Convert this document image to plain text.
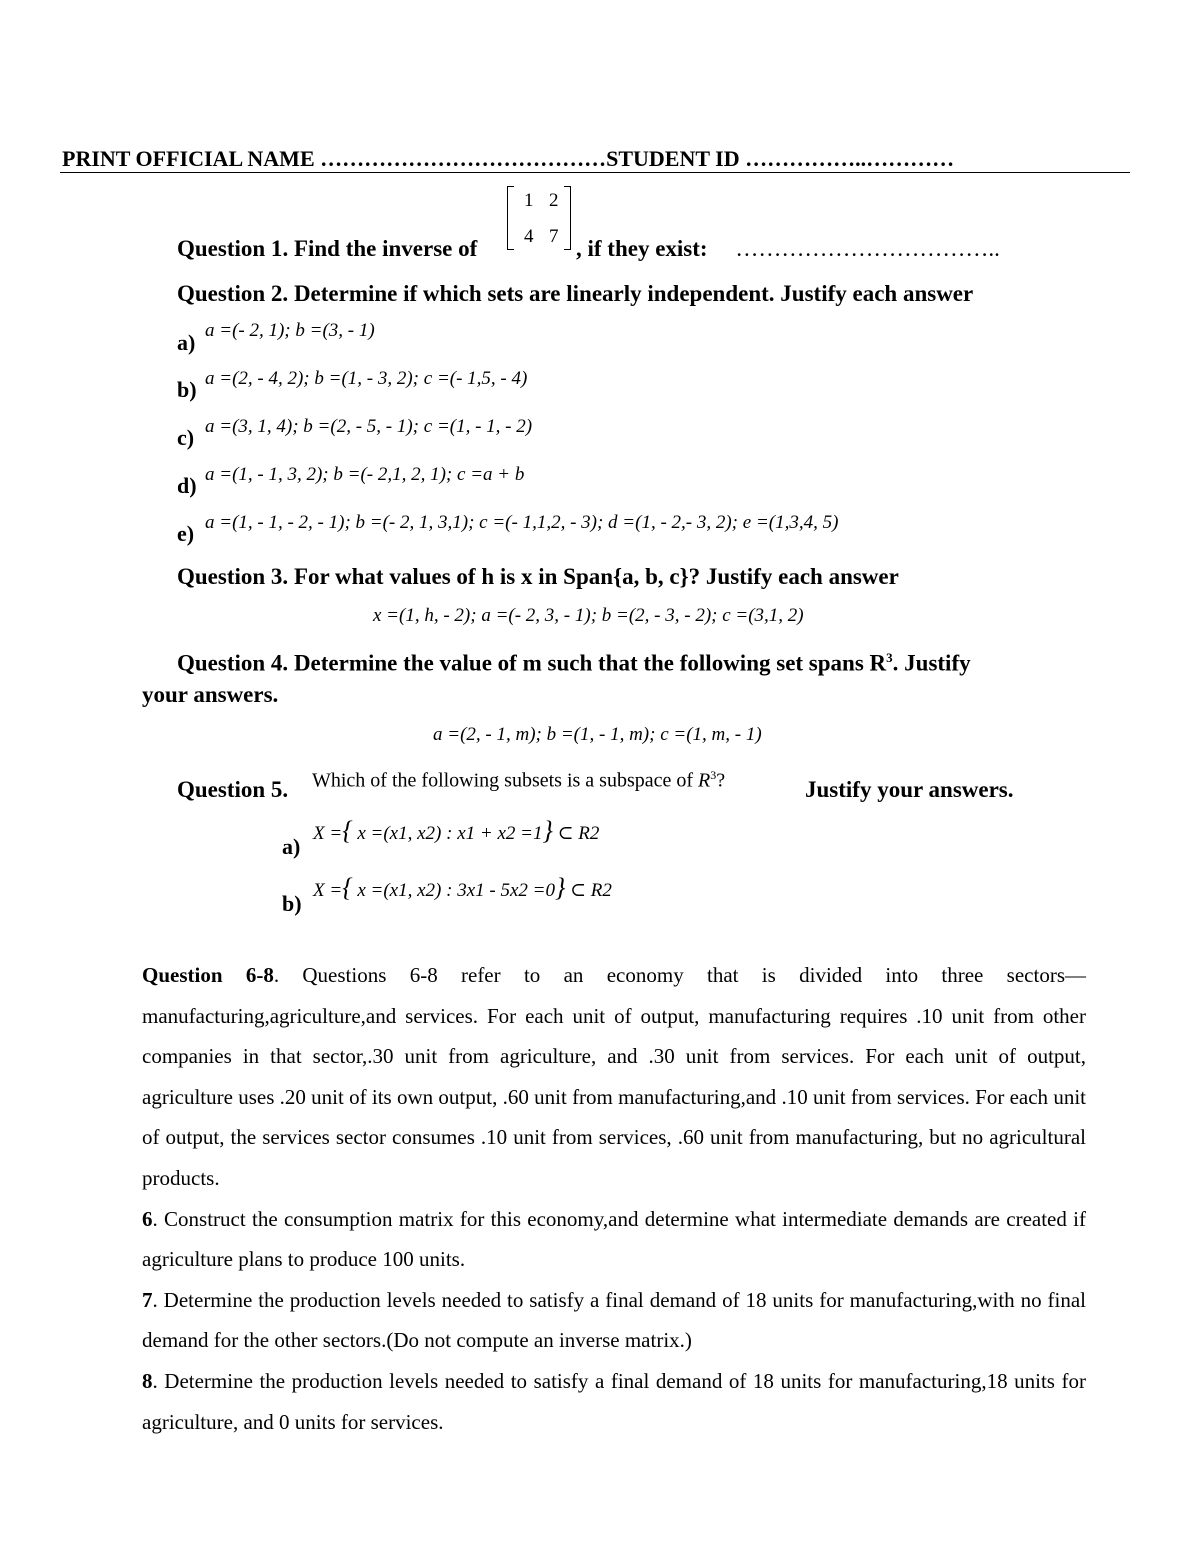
PRINT OFFICIAL NAME …………………………………STUDENT ID ……………..…………
Question 1. Find the inverse of
1 2
4 7 , if they exist: ……………………………..
Question 2. Determine if which sets are linearly independent. Justify each answer
a) a =(- 2, 1); b =(3, - 1)
b) a =(2, - 4, 2); b =(1, - 3, 2); c =(- 1,5, - 4)
c) a =(3, 1, 4); b =(2, - 5, - 1); c =(1, - 1, - 2)
d) a =(1, - 1, 3, 2); b =(- 2,1, 2, 1); c =a + b
e) a =(1, - 1, - 2, - 1); b =(- 2, 1, 3,1); c =(- 1,1,2, - 3); d =(1, - 2,- 3, 2); e =(1,3,4, 5)
Question 3. For what values of h is x in Span{a, b, c}? Justify each answer
x =(1, h, - 2); a =(- 2, 3, - 1); b =(2, - 3, - 2); c =(3,1, 2)
Question 4. Determine the value of m such that the following set spans $R^3$. Justify
your answers.
a =(2, - 1, m); b =(1, - 1, m); c =(1, m, - 1)
Question 5. Which of the following subsets is a subspace of $R^3$?	Justify your answers.
a)
X ={ x =(x1, x2) : x1 + x2 =1} ⊂ R2
b)
X ={ x =(x1, x2) : 3x1 - 5x2 =0} ⊂ R2

Question 6-8. Questions 6-8 refer to an economy that is divided into three sectors—manufacturing,agriculture,and services. For each unit of output, manufacturing requires .10 unit from other companies in that sector,.30 unit from agriculture, and .30 unit from services. For each unit of output, agriculture uses .20 unit of its own output, .60 unit from manufacturing,and .10 unit from services. For each unit of output, the services sector consumes .10 unit from services, .60 unit from manufacturing, but no agricultural products.

6. Construct the consumption matrix for this economy,and determine what intermediate demands are created if agriculture plans to produce 100 units.

7. Determine the production levels needed to satisfy a final demand of 18 units for manufacturing,with no final demand for the other sectors.(Do not compute an inverse matrix.)

8. Determine the production levels needed to satisfy a final demand of 18 units for manufacturing,18 units for agriculture, and 0 units for services.
